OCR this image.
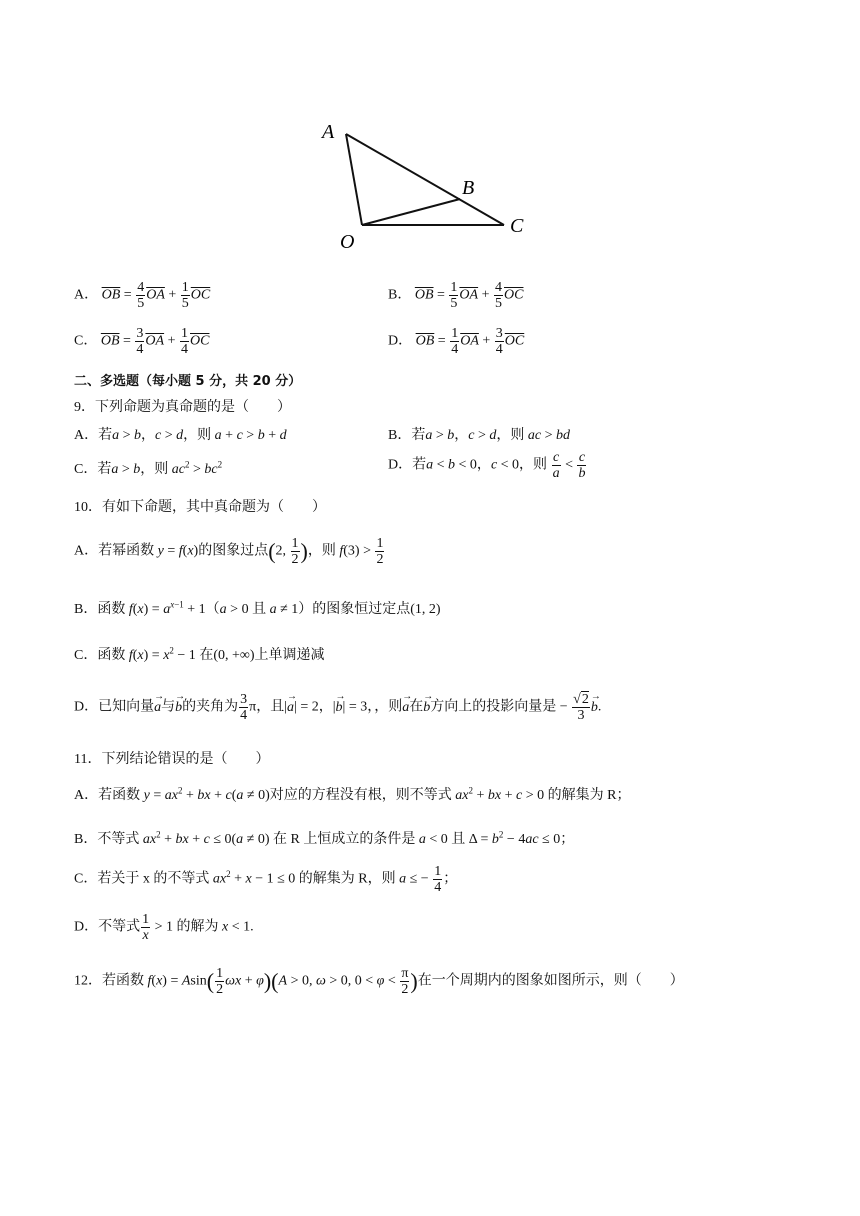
A
B
C
O
A． $\overline{OB} = \frac{4}{5} \overline{OA} + \frac{1}{5} \overline{OC}$	B． $\overline{OB} = \frac{1}{5} \overline{OA} + \frac{4}{5} \overline{OC}$
C． $\overline{OB} = \frac{3}{4} \overline{OA} + \frac{1}{4} \overline{OC}$	D． $\overline{OB} = \frac{1}{4} \overline{OA} + \frac{3}{4} \overline{OC}$
二、多选题（每小题 5 分，共 20 分）
9．下列命题为真命题的是（　　）
A．若a > b，c > d，则 a + c > b + d	B．若a > b，c > d，则 ac > bd
C．若a > b，则 $ac^2 > bc^2$	D．若a < b < 0，c < 0，则 $\frac{c}{a} < \frac{c}{b}$
10．有如下命题，其中真命题为（　　）
A．若幂函数 y = f(x)的图象过点(2, $\frac{1}{2}$ )，则 $f(3) > \frac{1}{2}$
B．函数 $f(x) = a^{x-1} + 1(a > 0$ 且 a ≠ 1）的图象恒过定点(1, 2)
C．函数 $f(x) = x^2 - 1$ 在(0, +∞)上单调递减
D．已知向量→ a与→ b的夹角为 $\frac{3}{4}$ π，且|→ a| = 2，|→ b| = 3，，则→ a在→ b方向上的投影向量是 − $\frac{√2}{3} \to b$.
11．下列结论错误的是（　　）
A．若函数 $y = ax^2$ + bx + c(a ≠ 0)对应的方程没有根，则不等式 $ax^2$ + bx + c > 0 的解集为 R；
B．不等式 $ax^2$ + bx + c ≤ 0(a ≠ 0) 在 R 上恒成立的条件是 a < 0 且 $\Delta = b^2 - 4ac \le 0$；
C．若关于 x 的不等式 $ax^2 + x - 1 \le 0$ 的解集为 R，则 a ≤ − $\frac{1}{4}$ ；
D．不等式 $\frac{1}{x} > 1$ 的解为 x < 1.
12．若函数 $f(x) = Asin( \frac{1}{2}$ ωx + φ)(A > 0, ω > 0, $0 < \varphi < \frac{\pi}{2}$ )在一个周期内的图象如图所示，则（　　）
